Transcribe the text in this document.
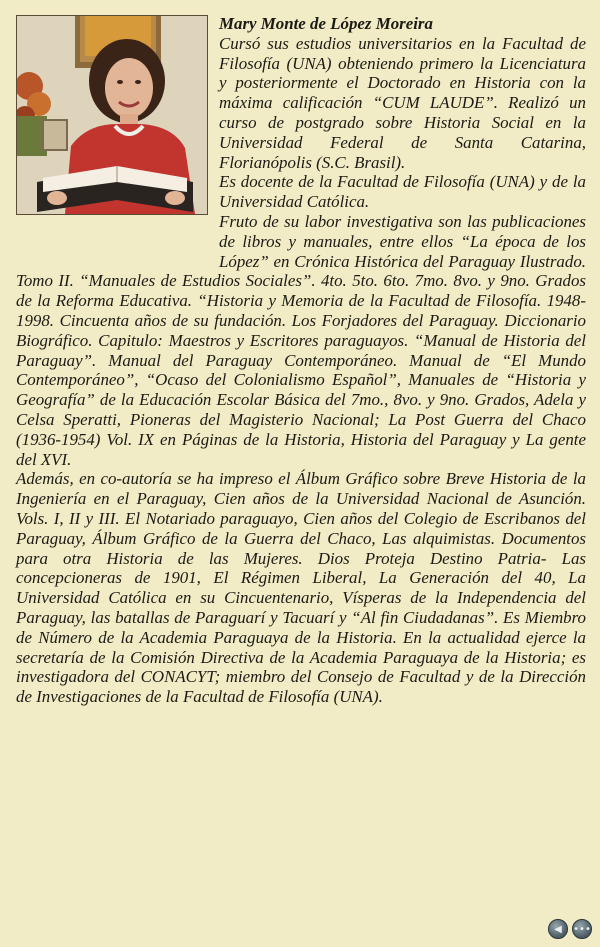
Mary Monte de López Moreira

Cursó sus estudios universitarios en la Facultad de Filosofía (UNA) obteniendo primero la Licenciatura y posteriormente el Doctorado en Historia con la máxima calificación “CUM LAUDE”. Realizó un curso de postgrado sobre Historia Social en la Universidad Federal de Santa Catarina, Florianópolis (S.C. Brasil).

Es docente de la Facultad de Filosofía (UNA) y de la Universidad Católica.

Fruto de su labor investigativa son las publicaciones de libros y manuales, entre ellos “La época de los López” en Crónica Histórica del Paraguay Ilustrado. Tomo II. “Manuales de Estudios Sociales”. 4to. 5to. 6to. 7mo. 8vo. y 9no. Grados de la Reforma Educativa. “Historia y Memoria de la Facultad de Filosofía. 1948-1998. Cincuenta años de su fundación. Los Forjadores del Paraguay. Diccionario Biográfico. Capitulo: Maestros y Escritores paraguayos. “Manual de Historia del Paraguay”. Manual del Paraguay Contemporáneo. Manual de “El Mundo Contemporáneo”, “Ocaso del Colonialismo Español”, Manuales de “Historia y Geografía” de la Educación Escolar Básica del 7mo., 8vo. y 9no. Grados, Adela y Celsa Speratti, Pioneras del Magisterio Nacional; La Post Guerra del Chaco (1936-1954) Vol. IX en Páginas de la Historia, Historia del Paraguay y La gente del XVI.

Además, en co-autoría se ha impreso el Álbum Gráfico sobre Breve Historia de la Ingeniería en el Paraguay, Cien años de la Universidad Nacional de Asunción. Vols. I, II y III. El Notariado paraguayo, Cien años del Colegio de Escribanos del Paraguay, Álbum Gráfico de la Guerra del Chaco, Las alquimistas. Documentos para otra Historia de las Mujeres. Dios Proteja Destino Patria- Las concepcioneras de 1901, El Régimen Liberal, La Generación del 40, La Universidad Católica en su Cincuentenario, Vísperas de la Independencia del Paraguay, las batallas de Paraguarí y Tacuarí y “Al fin Ciudadanas”. Es Miembro de Número de la Academia Paraguaya de la Historia. En la actualidad ejerce la secretaría de la Comisión Directiva de la Academia Paraguaya de la Historia; es investigadora del CONACYT; miembro del Consejo de Facultad y de la Dirección de Investigaciones de la Facultad de Filosofía (UNA).

◀	•••
